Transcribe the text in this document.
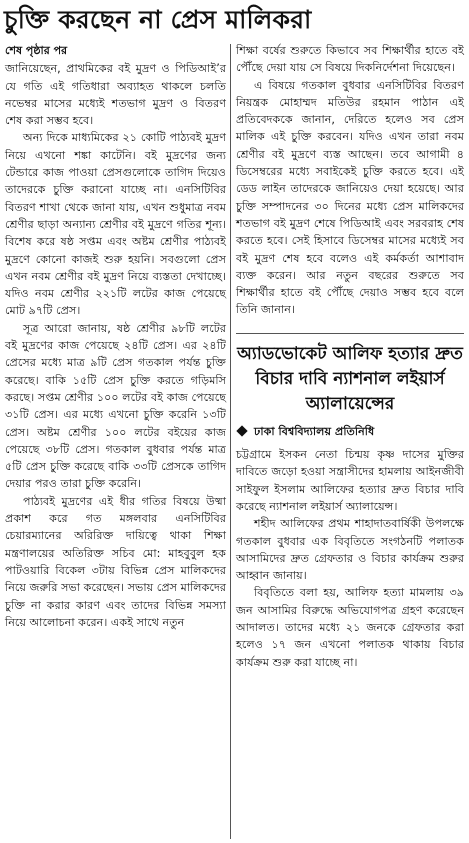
চুক্তি করছেন না প্রেস মালিকরা
শেষ পৃষ্ঠার পর

জানিয়েছেন, প্রাথমিকের বই মুদ্রণ ও পিডিআই’র যে গতি এই গতিধারা অব্যাহত থাকলে চলতি নভেম্বর মাসের মধ্যেই শতভাগ মুদ্রণ ও বিতরণ শেষ করা সম্ভব হবে।

অন্য দিকে মাধ্যমিকের ২১ কোটি পাঠ্যবই মুদ্রণ নিয়ে এখনো শঙ্কা কাটেনি। বই মুদ্রণের জন্য টেন্ডারে কাজ পাওয়া প্রেসগুলোকে তাগিদ দিয়েও তাদেরকে চুক্তি করানো যাচ্ছে না। এনসিটিবির বিতরণ শাখা থেকে জানা যায়, এখন শুধুমাত্র নবম শ্রেণীর ছাড়া অন্যান্য শ্রেণীর বই মুদ্রণে গতির শূন্য। বিশেষ করে ষষ্ঠ সপ্তম এবং অষ্টম শ্রেণীর পাঠ্যবই মুদ্রণে কোনো কাজই শুরু হয়নি। সবগুলো প্রেস এখন নবম শ্রেণীর বই মুদ্রণ নিয়ে ব্যস্ততা দেখাচ্ছে। যদিও নবম শ্রেণীর ২২১টি লটের কাজ পেয়েছে মোট ৯৭টি প্রেস।

সূত্র আরো জানায়, ষষ্ঠ শ্রেণীর ৯৮টি লটের বই মুদ্রণের কাজ পেয়েছে ২৪টি প্রেস। এর ২৪টি প্রেসের মধ্যে মাত্র ৯টি প্রেস গতকাল পর্যন্ত চুক্তি করেছে। বাকি ১৫টি প্রেস চুক্তি করতে গড়িমসি করছে। সপ্তম শ্রেণীর ১০০ লটের বই কাজ পেয়েছে ৩১টি প্রেস। এর মধ্যে এখনো চুক্তি করেনি ১৩টি প্রেস। অষ্টম শ্রেণীর ১০০ লটের বইয়ের কাজ পেয়েছে ৩৮টি প্রেস। গতকাল বুধবার পর্যন্ত মাত্র ৫টি প্রেস চুক্তি করেছে বাকি ৩৩টি প্রেসকে তাগিদ দেয়ার পরও তারা চুক্তি করেনি।

পাঠ্যবই মুদ্রণের এই ধীর গতির বিষয়ে উষ্মা প্রকাশ করে গত মঙ্গলবার এনসিটিবির চেয়ারম্যানের অরিরিক্ত দায়িত্বে থাকা শিক্ষা মন্ত্রণালয়ের অতিরিক্ত সচিব মো: মাহবুবুল হক পাটওয়ারি বিকেল ৩টায় বিভিন্ন প্রেস মালিকদের নিয়ে জরুরি সভা করেছেন। সভায় প্রেস মালিকদের চুক্তি না করার কারণ এবং তাদের বিভিন্ন সমস্যা নিয়ে আলোচনা করেন। একই সাথে নতুন

শিক্ষা বর্ষের শুরুতে কিভাবে সব শিক্ষার্থীর হাতে বই পৌঁছে দেয়া যায় সে বিষয়ে দিকনির্দেশনা দিয়েছেন।

এ বিষয়ে গতকাল বুধবার এনসিটিবির বিতরণ নিয়ন্ত্রক মোহাম্মদ মতিউর রহমান পাঠান এই প্রতিবেদককে জানান, দেরিতে হলেও সব প্রেস মালিক এই চুক্তি করবেন। যদিও এখন তারা নবম শ্রেণীর বই মুদ্রণে ব্যস্ত আছেন। তবে আগামী ৪ ডিসেম্বরের মধ্যে সবাইকেই চুক্তি করতে হবে। এই ডেড লাইন তাদেরকে জানিয়েও দেয়া হয়েছে। আর চুক্তি সম্পাদনের ৩০ দিনের মধ্যে প্রেস মালিকদের শতভাগ বই মুদ্রণ শেষে পিডিআই এবং সরবরাহ শেষ করতে হবে। সেই হিসাবে ডিসেম্বর মাসের মধ্যেই সব বই মুদ্রণ শেষ হবে বলেও এই কর্মকর্তা আশাবাদ ব্যক্ত করেন। আর নতুন বছরের শুরুতে সব শিক্ষার্থীর হাতে বই পৌঁছে দেয়াও সম্ভব হবে বলে তিনি জানান।

অ্যাডভোকেট আলিফ হত্যার দ্রুত বিচার দাবি ন্যাশনাল লইয়ার্স অ্যালায়েন্সের
ঢাকা বিশ্ববিদ্যালয় প্রতিনিধি

চট্টগ্রামে ইসকন নেতা চিন্ময় কৃষ্ণ দাসের মুক্তির দাবিতে জড়ো হওয়া সন্ত্রাসীদের হামলায় আইনজীবী সাইফুল ইসলাম আলিফের হত্যার দ্রুত বিচার দাবি করেছে ন্যাশনাল লইয়ার্স অ্যালায়েন্স।

শহীদ আলিফের প্রথম শাহাদাতবার্ষিকী উপলক্ষে গতকাল বুধবার এক বিবৃতিতে সংগঠনটি পলাতক আসামিদের দ্রুত গ্রেফতার ও বিচার কার্যক্রম শুরুর আহ্বান জানায়।

বিবৃতিতে বলা হয়, আলিফ হত্যা মামলায় ৩৯ জন আসামির বিরুদ্ধে অভিযোগপত্র গ্রহণ করেছেন আদালত। তাদের মধ্যে ২১ জনকে গ্রেফতার করা হলেও ১৭ জন এখনো পলাতক থাকায় বিচার কার্যক্রম শুরু করা যাচ্ছে না।
